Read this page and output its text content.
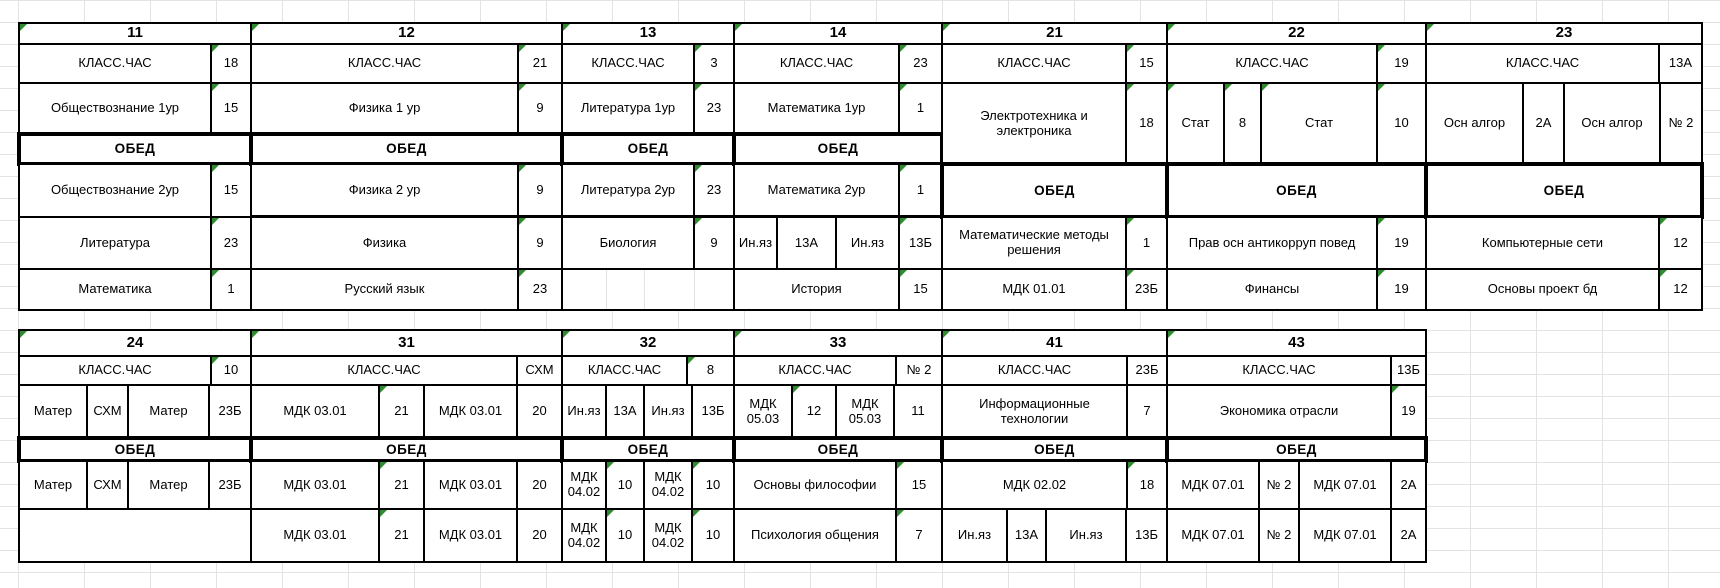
11
КЛАСС.ЧАС	18
Обществознание 1ур	15
ОБЕД
Обществознание 2ур	15
Литература	23
Математика	1
12
КЛАСС.ЧАС	21
Физика 1 ур	9
ОБЕД
Физика 2 ур	9
Физика	9
Русский язык	23
13
КЛАСС.ЧАС	3
Литература 1ур	23
ОБЕД
Литература 2ур	23
Биология	9
14
КЛАСС.ЧАС	23
Математика 1ур	1
ОБЕД
Математика 2ур	1
Ин.яз	13А	Ин.яз	13Б
История	15
21
КЛАСС.ЧАС	15
Электротехника и электроника	18
ОБЕД
Математические методы решения	1
МДК 01.01	23Б
22
КЛАСС.ЧАС	19
Стат	8	Стат	10
ОБЕД
Прав осн антикорруп повед	19
Финансы	19
23
КЛАСС.ЧАС	13А
Осн алгор	2А	Осн алгор	№ 2
ОБЕД
Компьютерные сети	12
Основы проект бд	12
24
КЛАСС.ЧАС	10
Матер	СХМ	Матер	23Б
ОБЕД
Матер	СХМ	Матер	23Б
31
КЛАСС.ЧАС	СХМ
МДК 03.01	21	МДК 03.01	20
ОБЕД
МДК 03.01	21	МДК 03.01	20
МДК 03.01	21	МДК 03.01	20
32
КЛАСС.ЧАС	8
Ин.яз 13А	Ин.яз	13Б
ОБЕД
МДК 04.02	10	МДК 04.02	10
МДК 04.02	10	МДК 04.02	10
33
КЛАСС.ЧАС	№ 2
МДК 05.03	12	МДК 05.03	11
ОБЕД
Основы философии	15
Психология общения	7
41
КЛАСС.ЧАС	23Б
Информационные технологии	7
ОБЕД
МДК 02.02	18
Ин.яз	13А	Ин.яз	13Б
43
КЛАСС.ЧАС	13Б
Экономика отрасли	19
ОБЕД
МДК 07.01	№ 2	МДК 07.01	2А
МДК 07.01	№ 2	МДК 07.01	2А
